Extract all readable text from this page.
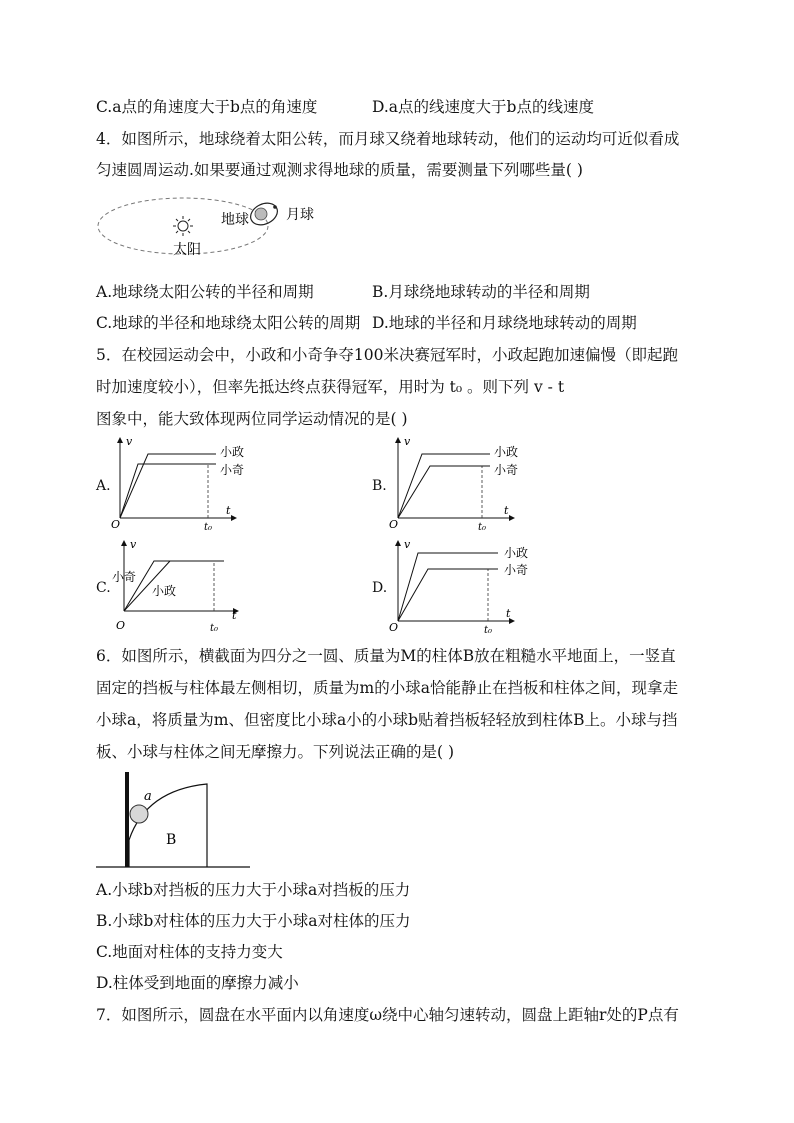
C.a点的角速度大于b点的角速度	D.a点的线速度大于b点的线速度
4．如图所示，地球绕着太阳公转，而月球又绕着地球转动，他们的运动均可近似看成
匀速圆周运动.如果要通过观测求得地球的质量，需要测量下列哪些量( )
太阳
地球	月球
A.地球绕太阳公转的半径和周期	B.月球绕地球转动的半径和周期
C.地球的半径和地球绕太阳公转的周期 D.地球的半径和月球绕地球转动的周期
5．在校园运动会中，小政和小奇争夺100米决赛冠军时，小政起跑加速偏慢（即起跑
时加速度较小），但率先抵达终点获得冠军，用时为 t₀ 。则下列 v - t
图象中，能大致体现两位同学运动情况的是( )
A.
v
t
O	t₀
小政
小奇
B.
v
t
O	t₀
小政
小奇
C.
v
t
O	t₀
小奇
小政	D.
v
t
O	t₀
小政
小奇
6．如图所示，横截面为四分之一圆、质量为M的柱体B放在粗糙水平地面上，一竖直
固定的挡板与柱体最左侧相切，质量为m的小球a恰能静止在挡板和柱体之间，现拿走
小球a，将质量为m、但密度比小球a小的小球b贴着挡板轻轻放到柱体B上。小球与挡
板、小球与柱体之间无摩擦力。下列说法正确的是( )
a
B
A.小球b对挡板的压力大于小球a对挡板的压力
B.小球b对柱体的压力大于小球a对柱体的压力
C.地面对柱体的支持力变大
D.柱体受到地面的摩擦力减小
7．如图所示，圆盘在水平面内以角速度ω绕中心轴匀速转动，圆盘上距轴r处的P点有
